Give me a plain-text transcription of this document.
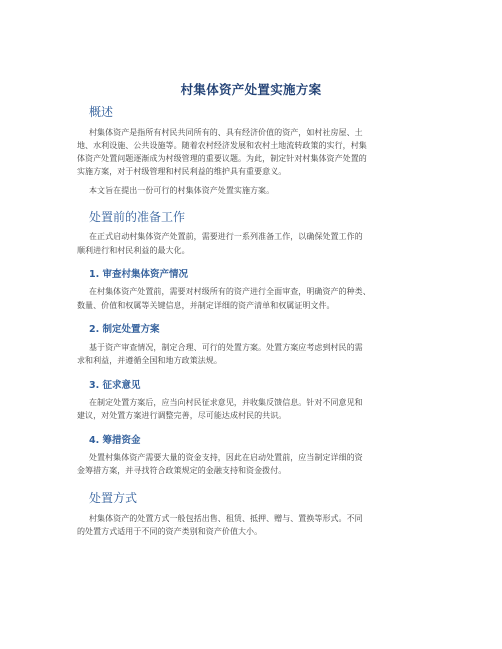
村集体资产处置实施方案
概述
村集体资产是指所有村民共同所有的、具有经济价值的资产，如村社房屋、土
地、水利设施、公共设施等。随着农村经济发展和农村土地流转政策的实行，村集
体资产处置问题逐渐成为村级管理的重要议题。为此，制定针对村集体资产处置的
实施方案，对于村级管理和村民利益的维护具有重要意义。
本文旨在提出一份可行的村集体资产处置实施方案。
处置前的准备工作
在正式启动村集体资产处置前，需要进行一系列准备工作，以确保处置工作的
顺利进行和村民利益的最大化。
1. 审查村集体资产情况
在村集体资产处置前，需要对村级所有的资产进行全面审查，明确资产的种类、
数量、价值和权属等关键信息，并制定详细的资产清单和权属证明文件。
2. 制定处置方案
基于资产审查情况，制定合理、可行的处置方案。处置方案应考虑到村民的需
求和利益，并遵循全国和地方政策法规。
3. 征求意见
在制定处置方案后，应当向村民征求意见，并收集反馈信息。针对不同意见和
建议，对处置方案进行调整完善，尽可能达成村民的共识。
4. 筹措资金
处置村集体资产需要大量的资金支持，因此在启动处置前，应当制定详细的资
金筹措方案，并寻找符合政策规定的金融支持和资金拨付。
处置方式
村集体资产的处置方式一般包括出售、租赁、抵押、赠与、置换等形式。不同
的处置方式适用于不同的资产类别和资产价值大小。
